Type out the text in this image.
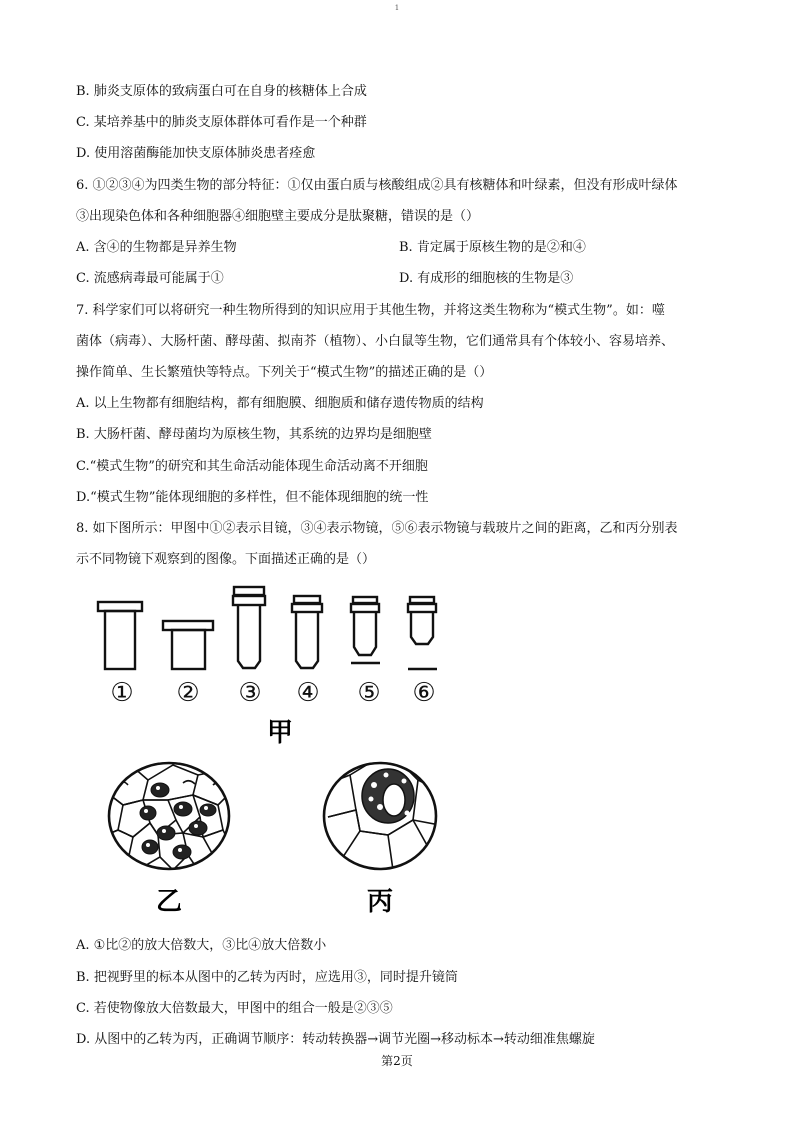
1
B. 肺炎支原体的致病蛋白可在自身的核糖体上合成
C. 某培养基中的肺炎支原体群体可看作是一个种群
D. 使用溶菌酶能加快支原体肺炎患者痊愈
6. ①②③④为四类生物的部分特征：①仅由蛋白质与核酸组成②具有核糖体和叶绿素，但没有形成叶绿体
③出现染色体和各种细胞器④细胞壁主要成分是肽聚糖，错误的是（）
A. 含④的生物都是异养生物	B. 肯定属于原核生物的是②和④
C. 流感病毒最可能属于①	D. 有成形的细胞核的生物是③
7. 科学家们可以将研究一种生物所得到的知识应用于其他生物，并将这类生物称为“模式生物”。如：噬
菌体（病毒）、大肠杆菌、酵母菌、拟南芥（植物）、小白鼠等生物，它们通常具有个体较小、容易培养、
操作简单、生长繁殖快等特点。下列关于“模式生物”的描述正确的是（）
A. 以上生物都有细胞结构，都有细胞膜、细胞质和储存遗传物质的结构
B. 大肠杆菌、酵母菌均为原核生物，其系统的边界均是细胞壁
C.“模式生物”的研究和其生命活动能体现生命活动离不开细胞
D.“模式生物”能体现细胞的多样性，但不能体现细胞的统一性
8. 如下图所示：甲图中①②表示目镜，③④表示物镜，⑤⑥表示物镜与载玻片之间的距离，乙和丙分别表
示不同物镜下观察到的图像。下面描述正确的是（）
① ② ③ ④ ⑤ ⑥
甲
乙	丙
A. ①比②的放大倍数大，③比④放大倍数小
B. 把视野里的标本从图中的乙转为丙时，应选用③，同时提升镜筒
C. 若使物像放大倍数最大，甲图中的组合一般是②③⑤
D. 从图中的乙转为丙，正确调节顺序：转动转换器→调节光圈→移动标本→转动细准焦螺旋
第2页
